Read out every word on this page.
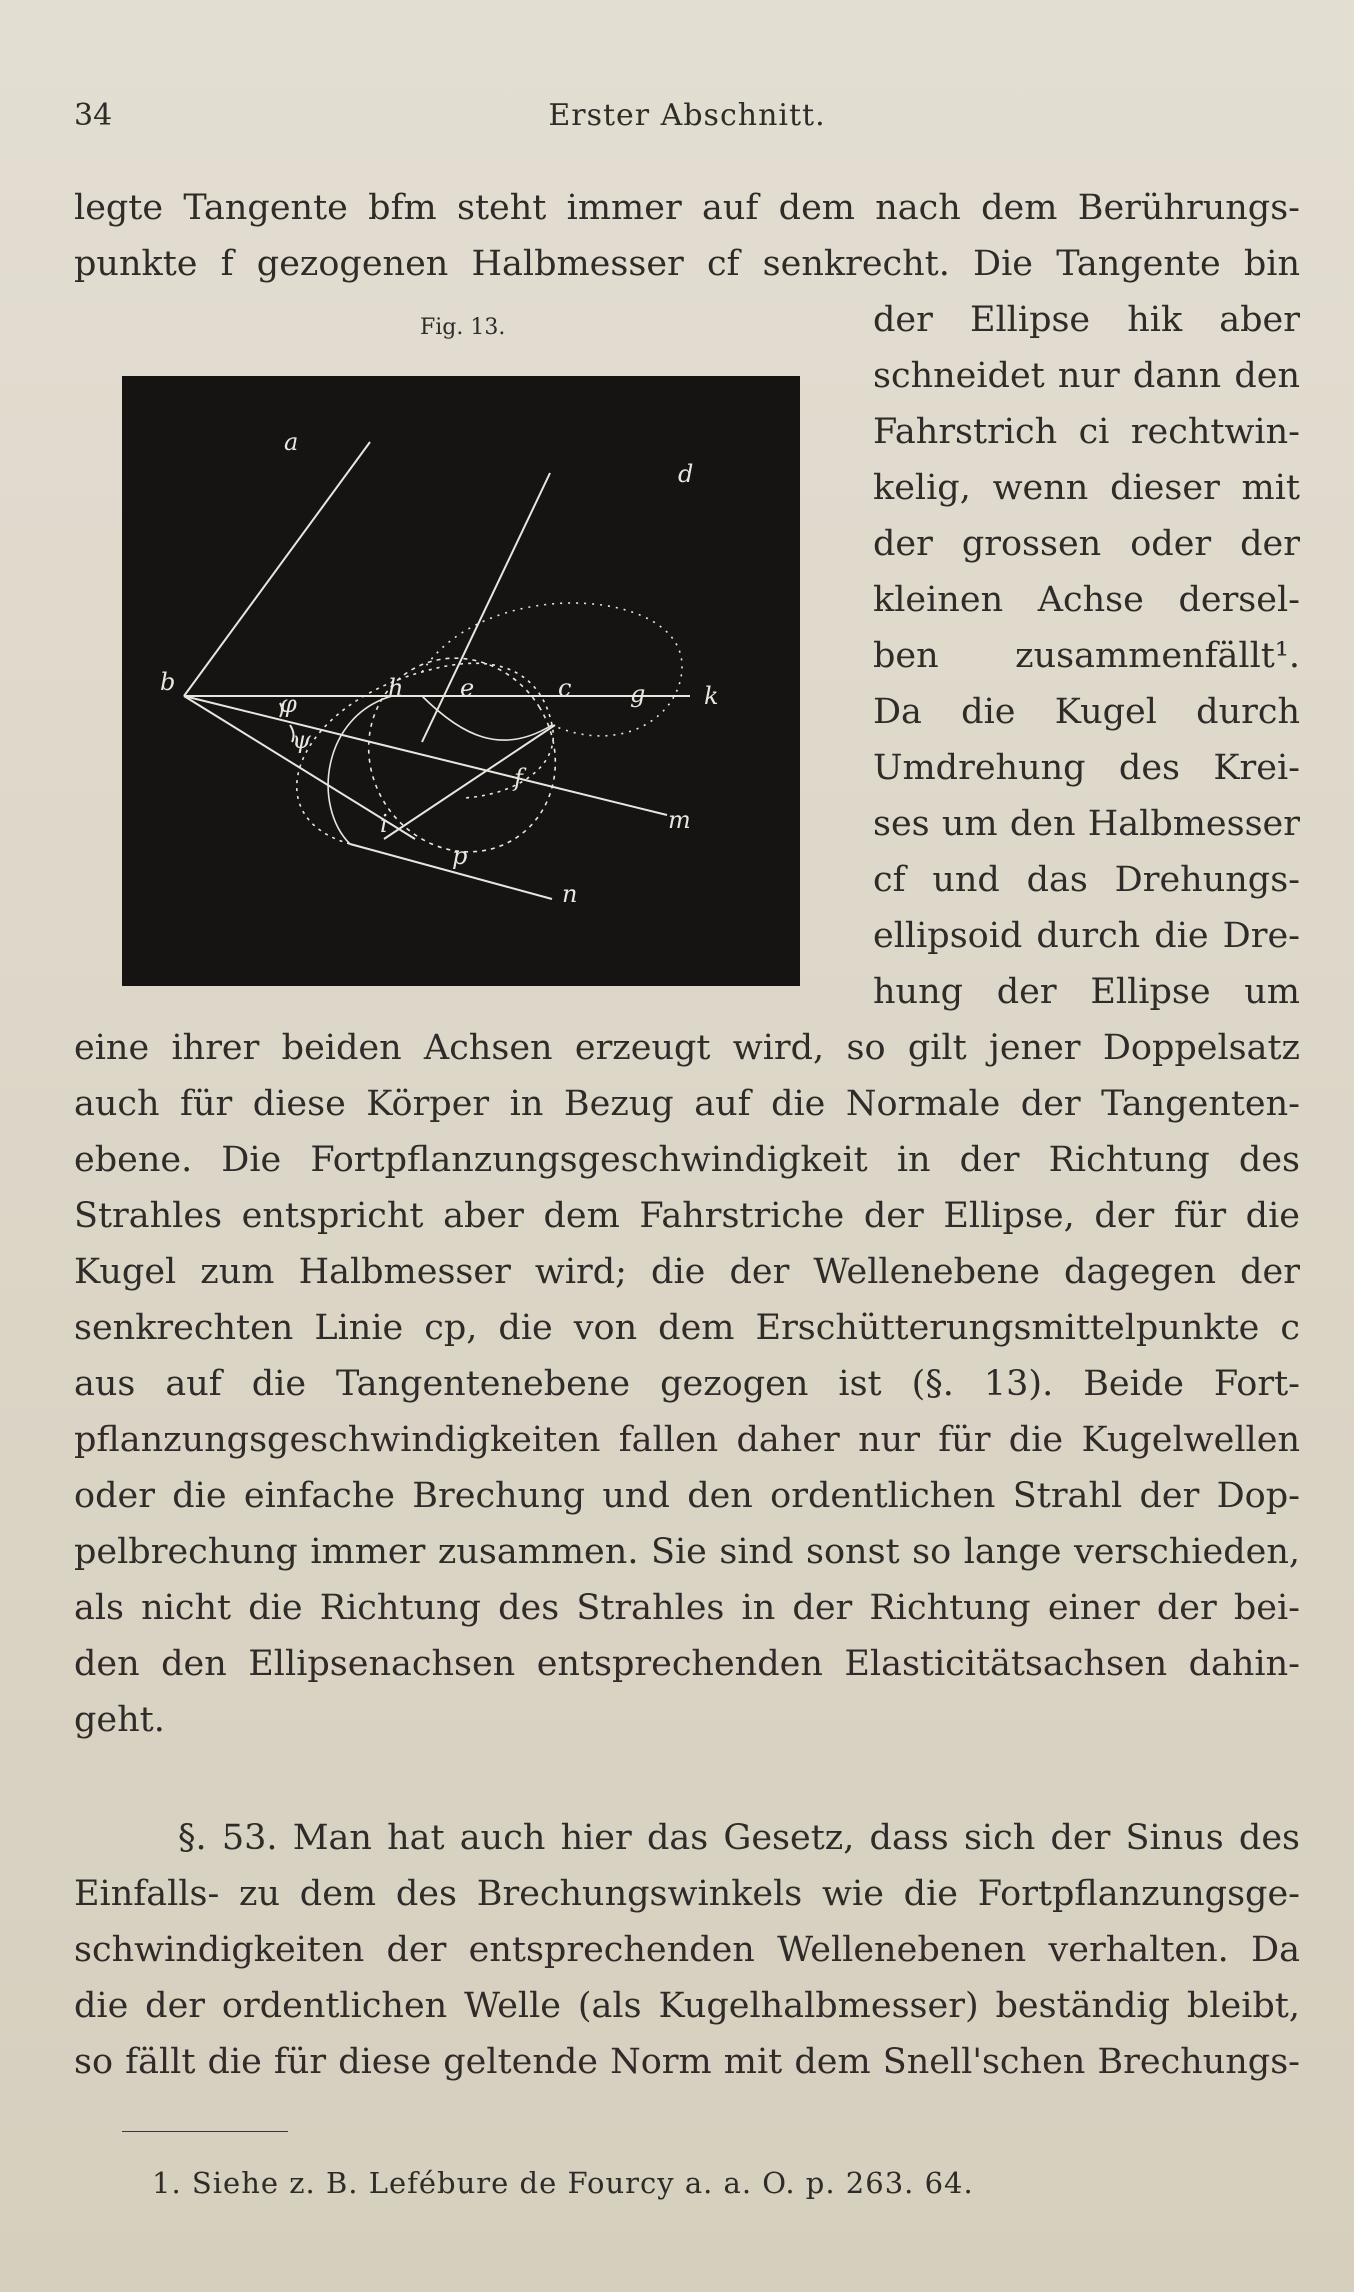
34	Erster Abschnitt.
legte Tangente bfm steht immer auf dem nach dem Berührungs-
punkte f gezogenen Halbmesser cf senkrecht. Die Tangente bin
Fig. 13.
a
b
d
h e	c g k
φ
ψ
f
i	m
p
n
der Ellipse hik aber
schneidet nur dann den
Fahrstrich ci rechtwin-
kelig, wenn dieser mit
der grossen oder der
kleinen Achse dersel-
ben zusammenfällt¹.
Da die Kugel durch
Umdrehung des Krei-
ses um den Halbmesser
cf und das Drehungs-
ellipsoid durch die Dre-
hung der Ellipse um
eine ihrer beiden Achsen erzeugt wird, so gilt jener Doppelsatz
auch für diese Körper in Bezug auf die Normale der Tangenten-
ebene. Die Fortpflanzungsgeschwindigkeit in der Richtung des
Strahles entspricht aber dem Fahrstriche der Ellipse, der für die
Kugel zum Halbmesser wird; die der Wellenebene dagegen der
senkrechten Linie cp, die von dem Erschütterungsmittelpunkte c
aus auf die Tangentenebene gezogen ist (§. 13). Beide Fort-
pflanzungsgeschwindigkeiten fallen daher nur für die Kugelwellen
oder die einfache Brechung und den ordentlichen Strahl der Dop-
pelbrechung immer zusammen. Sie sind sonst so lange verschieden,
als nicht die Richtung des Strahles in der Richtung einer der bei-
den den Ellipsenachsen entsprechenden Elasticitätsachsen dahin-
geht.
§. 53. Man hat auch hier das Gesetz, dass sich der Sinus des
Einfalls- zu dem des Brechungswinkels wie die Fortpflanzungsge-
schwindigkeiten der entsprechenden Wellenebenen verhalten. Da
die der ordentlichen Welle (als Kugelhalbmesser) beständig bleibt,
so fällt die für diese geltende Norm mit dem Snell'schen Brechungs-
1. Siehe z. B. Lefébure de Fourcy a. a. O. p. 263. 64.
